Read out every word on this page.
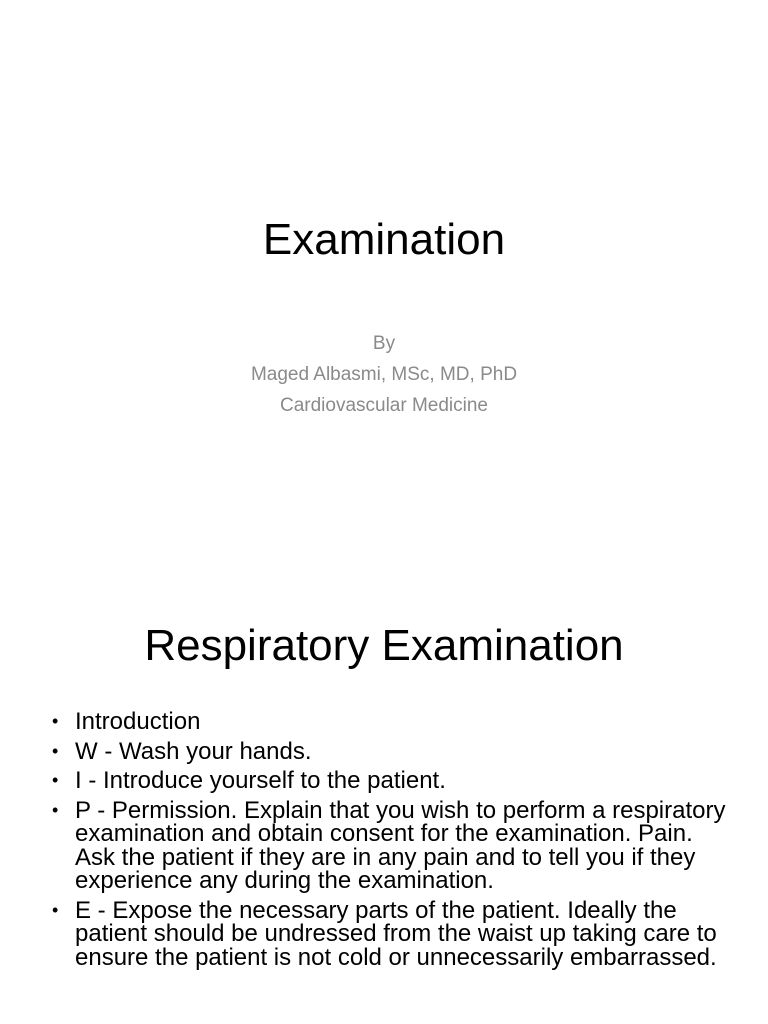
Examination
By
Maged Albasmi, MSc, MD, PhD
Cardiovascular Medicine
Respiratory Examination
• Introduction
• W - Wash your hands.
• I - Introduce yourself to the patient.
• P - Permission. Explain that you wish to perform a respiratory examination and obtain consent for the examination. Pain. Ask the patient if they are in any pain and to tell you if they experience any during the examination.
• E - Expose the necessary parts of the patient. Ideally the patient should be undressed from the waist up taking care to ensure the patient is not cold or unnecessarily embarrassed.
